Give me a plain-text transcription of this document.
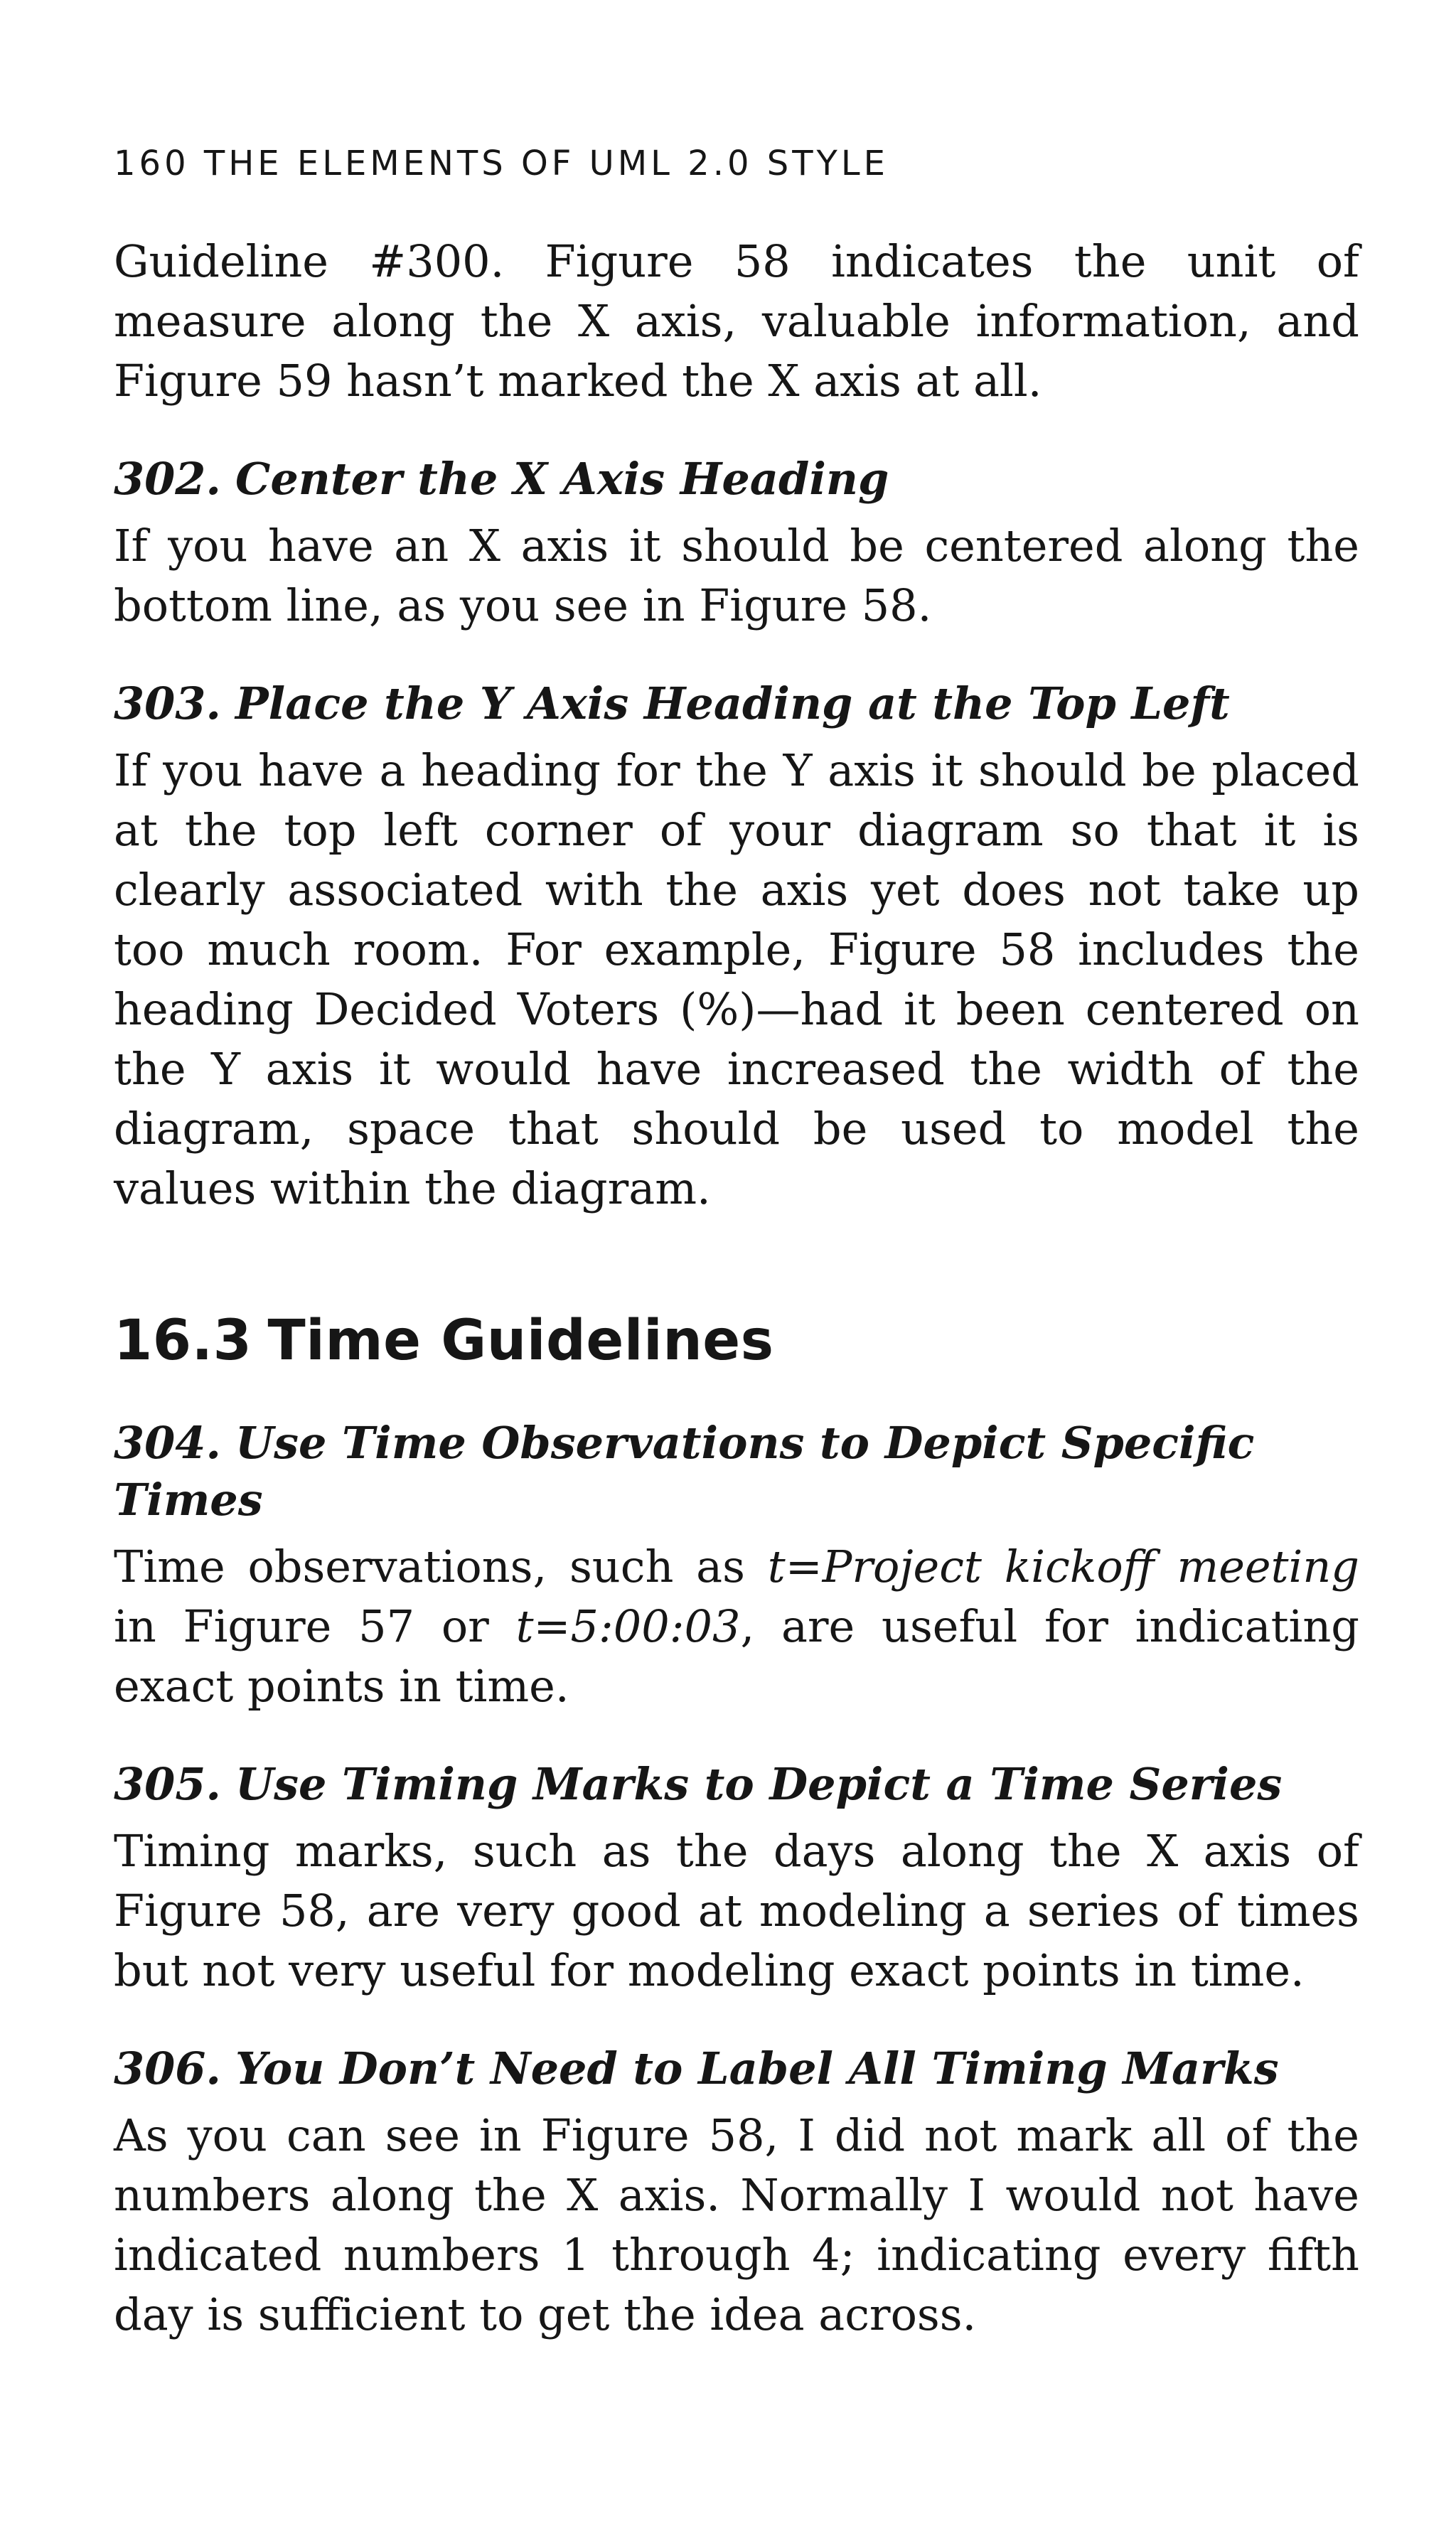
160 THE ELEMENTS OF UML 2.0 STYLE

Guideline #300. Figure 58 indicates the unit of measure along the X axis, valuable information, and Figure 59 hasn’t marked the X axis at all.

302. Center the X Axis Heading

If you have an X axis it should be centered along the bottom line, as you see in Figure 58.

303. Place the Y Axis Heading at the Top Left

If you have a heading for the Y axis it should be placed at the top left corner of your diagram so that it is clearly associated with the axis yet does not take up too much room. For example, Figure 58 includes the heading Decided Voters (%)—had it been centered on the Y axis it would have increased the width of the diagram, space that should be used to model the values within the diagram.

16.3 Time Guidelines
304. Use Time Observations to Depict Specific Times

Time observations, such as t=Project kickoff meeting in Figure 57 or t=5:00:03, are useful for indicating exact points in time.

305. Use Timing Marks to Depict a Time Series

Timing marks, such as the days along the X axis of Figure 58, are very good at modeling a series of times but not very useful for modeling exact points in time.

306. You Don’t Need to Label All Timing Marks

As you can see in Figure 58, I did not mark all of the numbers along the X axis. Normally I would not have indicated numbers 1 through 4; indicating every fifth day is sufficient to get the idea across.
